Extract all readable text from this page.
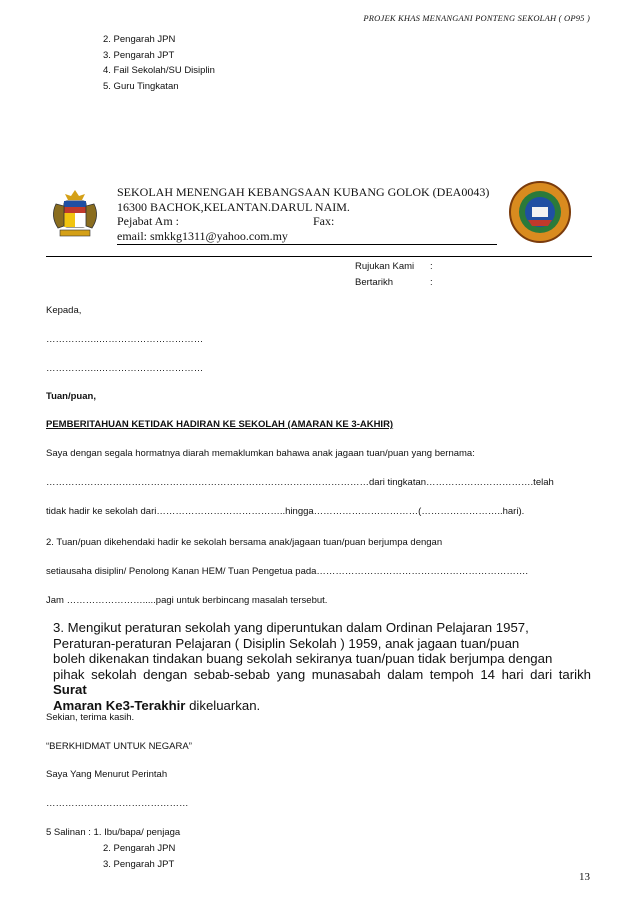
PROJEK KHAS MENANGANI PONTENG SEKOLAH ( OP95 )
2. Pengarah JPN
3. Pengarah JPT
4. Fail Sekolah/SU Disiplin
5. Guru Tingkatan
SEKOLAH MENENGAH KEBANGSAAN KUBANG GOLOK (DEA0043)
16300 BACHOK,KELANTAN.DARUL NAIM.
Pejabat Am :	Fax:
email: smkkg1311@yahoo.com.my
Rujukan Kami :
Bertarikh	:
Kepada,
……………..……………………………
……………..……………………………
Tuan/puan,
PEMBERITAHUAN KETIDAK HADIRAN KE SEKOLAH (AMARAN KE 3-AKHIR)
Saya dengan segala hormatnya diarah memaklumkan bahawa anak jagaan tuan/puan yang bernama:
…………………………………………………………………………………………dari tingkatan…………………………….telah
tidak hadir ke sekolah dari…………………………………..hingga……………………………(……………………..hari).
2. Tuan/puan dikehendaki hadir ke sekolah bersama anak/jagaan tuan/puan berjumpa dengan
setiausaha disiplin/ Penolong Kanan HEM/ Tuan Pengetua pada………………………………………………………….
Jam …………………….....pagi untuk berbincang masalah tersebut.
3. Mengikut peraturan sekolah yang diperuntukan dalam Ordinan Pelajaran 1957,
Peraturan-peraturan Pelajaran ( Disiplin Sekolah ) 1959, anak jagaan tuan/puan
boleh dikenakan tindakan buang sekolah sekiranya tuan/puan tidak berjumpa dengan
pihak sekolah dengan sebab-sebab yang munasabah dalam tempoh 14 hari dari tarikh Surat
Amaran Ke3-Terakhir dikeluarkan.
Sekian, terima kasih.
“BERKHIDMAT UNTUK NEGARA”
Saya Yang Menurut Perintah
………………………………………
5 Salinan : 1. Ibu/bapa/ penjaga
2. Pengarah JPN
3. Pengarah JPT
13
